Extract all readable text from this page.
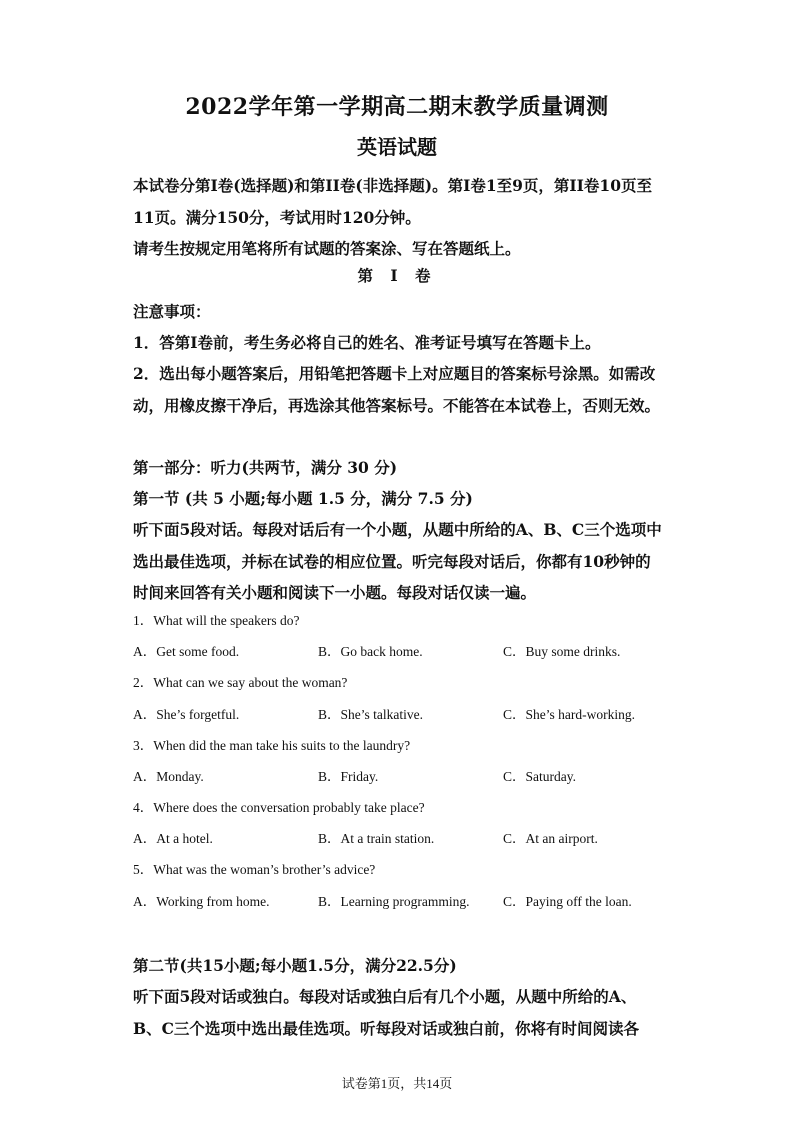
2022学年第一学期高二期末教学质量调测
英语试题
本试卷分第I卷(选择题)和第II卷(非选择题)。第I卷1至9页，第II卷10页至11页。满分150分，考试用时120分钟。
请考生按规定用笔将所有试题的答案涂、写在答题纸上。
第 I 卷
注意事项：
1．答第I卷前，考生务必将自己的姓名、准考证号填写在答题卡上。
2．选出每小题答案后，用铅笔把答题卡上对应题目的答案标号涂黑。如需改动，用橡皮擦干净后，再选涂其他答案标号。不能答在本试卷上，否则无效。
第一部分：听力(共两节，满分 30 分)
第一节 (共 5 小题;每小题 1.5 分，满分 7.5 分)
听下面5段对话。每段对话后有一个小题，从题中所给的A、B、C三个选项中选出最佳选项，并标在试卷的相应位置。听完每段对话后，你都有10秒钟的时间来回答有关小题和阅读下一小题。每段对话仅读一遍。
1．What will the speakers do?
A．Get some food.	B．Go back home.	C．Buy some drinks.
2．What can we say about the woman?
A．She’s forgetful.	B．She’s talkative.	C．She’s hard-working.
3．When did the man take his suits to the laundry?
A．Monday.	B．Friday.	C．Saturday.
4．Where does the conversation probably take place?
A．At a hotel.	B．At a train station.	C．At an airport.
5．What was the woman’s brother’s advice?
A．Working from home.	B．Learning programming. C．Paying off the loan.
第二节(共15小题;每小题1.5分，满分22.5分)
听下面5段对话或独白。每段对话或独白后有几个小题，从题中所给的A、B、C三个选项中选出最佳选项。听每段对话或独白前，你将有时间阅读各
试卷第1页，共14页
